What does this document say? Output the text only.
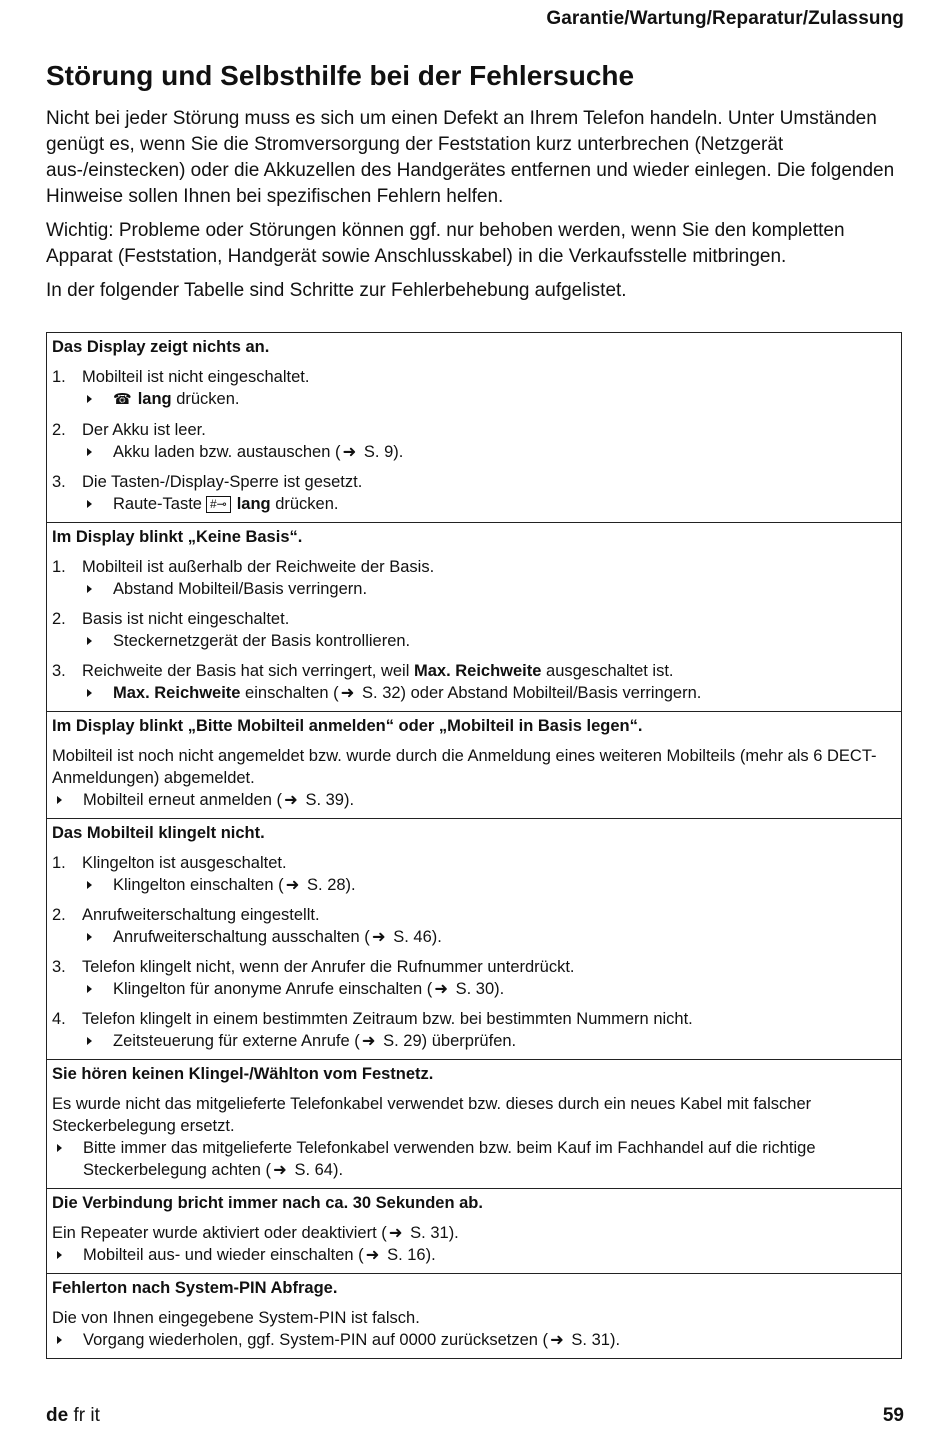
Garantie/Wartung/Reparatur/Zulassung
Störung und Selbsthilfe bei der Fehlersuche

Nicht bei jeder Störung muss es sich um einen Defekt an Ihrem Telefon handeln. Unter Umständen genügt es, wenn Sie die Stromversorgung der Feststation kurz unterbrechen (Netzgerät aus-/einstecken) oder die Akkuzellen des Handgerätes entfernen und wieder einlegen. Die folgenden Hinweise sollen Ihnen bei spezifischen Fehlern helfen.

Wichtig: Probleme oder Störungen können ggf. nur behoben werden, wenn Sie den kompletten Apparat (Feststation, Handgerät sowie Anschlusskabel) in die Verkaufsstelle mitbringen.

In der folgender Tabelle sind Schritte zur Fehlerbehebung aufgelistet.

Das Display zeigt nichts an.
1. Mobilteil ist nicht eingeschaltet.
☎ lang drücken.
2. Der Akku ist leer.
Akku laden bzw. austauschen ( ➜ S. 9).
3. Die Tasten-/Display-Sperre ist gesetzt.
Raute-Taste #⊸ lang drücken.
Im Display blinkt „Keine Basis“.
1. Mobilteil ist außerhalb der Reichweite der Basis.
Abstand Mobilteil/Basis verringern.
2. Basis ist nicht eingeschaltet.
Steckernetzgerät der Basis kontrollieren.
3. Reichweite der Basis hat sich verringert, weil Max. Reichweite ausgeschaltet ist.
Max. Reichweite einschalten ( ➜ S. 32) oder Abstand Mobilteil/Basis verringern.
Im Display blinkt „Bitte Mobilteil anmelden“ oder „Mobilteil in Basis legen“.
Mobilteil ist noch nicht angemeldet bzw. wurde durch die Anmeldung eines weiteren Mobilteils (mehr als 6 DECT-Anmeldungen) abgemeldet.
Mobilteil erneut anmelden ( ➜ S. 39).
Das Mobilteil klingelt nicht.
1. Klingelton ist ausgeschaltet.
Klingelton einschalten ( ➜ S. 28).
2. Anrufweiterschaltung eingestellt.
Anrufweiterschaltung ausschalten ( ➜ S. 46).
3. Telefon klingelt nicht, wenn der Anrufer die Rufnummer unterdrückt.
Klingelton für anonyme Anrufe einschalten ( ➜ S. 30).
4. Telefon klingelt in einem bestimmten Zeitraum bzw. bei bestimmten Nummern nicht.
Zeitsteuerung für externe Anrufe ( ➜ S. 29) überprüfen.
Sie hören keinen Klingel-/Wählton vom Festnetz.
Es wurde nicht das mitgelieferte Telefonkabel verwendet bzw. dieses durch ein neues Kabel mit falscher Steckerbelegung ersetzt.
Bitte immer das mitgelieferte Telefonkabel verwenden bzw. beim Kauf im Fachhandel auf die richtige Steckerbelegung achten ( ➜ S. 64).
Die Verbindung bricht immer nach ca. 30 Sekunden ab.
Ein Repeater wurde aktiviert oder deaktiviert ( ➜ S. 31).
Mobilteil aus- und wieder einschalten ( ➜ S. 16).
Fehlerton nach System-PIN Abfrage.
Die von Ihnen eingegebene System-PIN ist falsch.
Vorgang wiederholen, ggf. System-PIN auf 0000 zurücksetzen ( ➜ S. 31).
de fr it	59
